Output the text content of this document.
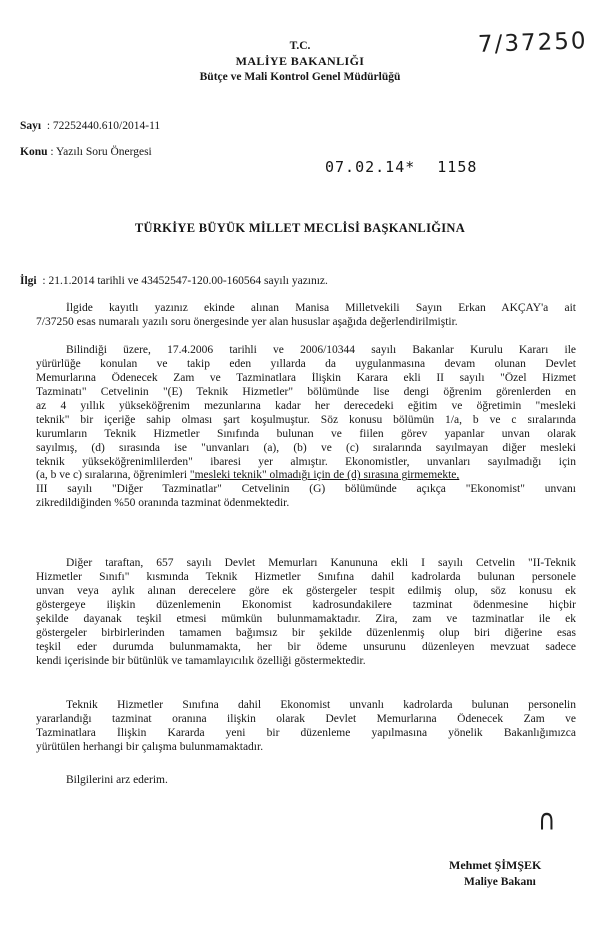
7/37250
T.C.
MALİYE BAKANLIĞI
Bütçe ve Mali Kontrol Genel Müdürlüğü
Sayı : 72252440.610/2014-11
Konu : Yazılı Soru Önergesi
07.02.14* 1158
TÜRKİYE BÜYÜK MİLLET MECLİSİ BAŞKANLIĞINA
İlgi : 21.1.2014 tarihli ve 43452547-120.00-160564 sayılı yazınız.
İlgide kayıtlı yazınız ekinde alınan Manisa Milletvekili Sayın Erkan AKÇAY'a ait
7/37250 esas numaralı yazılı soru önergesinde yer alan hususlar aşağıda değerlendirilmiştir.
Bilindiği üzere, 17.4.2006 tarihli ve 2006/10344 sayılı Bakanlar Kurulu Kararı ile
yürürlüğe konulan ve takip eden yıllarda da uygulanmasına devam olunan Devlet
Memurlarına Ödenecek Zam ve Tazminatlara İlişkin Karara ekli II sayılı "Özel Hizmet
Tazminatı" Cetvelinin "(E) Teknik Hizmetler" bölümünde lise dengi öğrenim görenlerden en
az 4 yıllık yükseköğrenim mezunlarına kadar her derecedeki eğitim ve öğretimin "mesleki
teknik" bir içeriğe sahip olması şart koşulmuştur. Söz konusu bölümün 1/a, b ve c sıralarında
kurumların Teknik Hizmetler Sınıfında bulunan ve fiilen görev yapanlar unvan olarak
sayılmış, (d) sırasında ise "unvanları (a), (b) ve (c) sıralarında sayılmayan diğer mesleki
teknik yükseköğrenimlilerden" ibaresi yer almıştır. Ekonomistler, unvanları sayılmadığı için
(a, b ve c) sıralarına, öğrenimleri "mesleki teknik" olmadığı için de (d) sırasına girmemekte,
III sayılı "Diğer Tazminatlar" Cetvelinin (G) bölümünde açıkça "Ekonomist" unvanı
zikredildiğinden %50 oranında tazminat ödenmektedir.
Diğer taraftan, 657 sayılı Devlet Memurları Kanununa ekli I sayılı Cetvelin "II-Teknik
Hizmetler Sınıfı" kısmında Teknik Hizmetler Sınıfına dahil kadrolarda bulunan personele
unvan veya aylık alınan derecelere göre ek göstergeler tespit edilmiş olup, söz konusu ek
göstergeye ilişkin düzenlemenin Ekonomist kadrosundakilere tazminat ödenmesine hiçbir
şekilde dayanak teşkil etmesi mümkün bulunmamaktadır. Zira, zam ve tazminatlar ile ek
göstergeler birbirlerinden tamamen bağımsız bir şekilde düzenlenmiş olup biri diğerine esas
teşkil eder durumda bulunmamakta, her bir ödeme unsurunu düzenleyen mevzuat sadece
kendi içerisinde bir bütünlük ve tamamlayıcılık özelliği göstermektedir.
Teknik Hizmetler Sınıfına dahil Ekonomist unvanlı kadrolarda bulunan personelin
yararlandığı tazminat oranına ilişkin olarak Devlet Memurlarına Ödenecek Zam ve
Tazminatlara İlişkin Kararda yeni bir düzenleme yapılmasına yönelik Bakanlığımızca
yürütülen herhangi bir çalışma bulunmamaktadır.
Bilgilerini arz ederim.
∩
Mehmet ŞİMŞEK
Maliye Bakanı
